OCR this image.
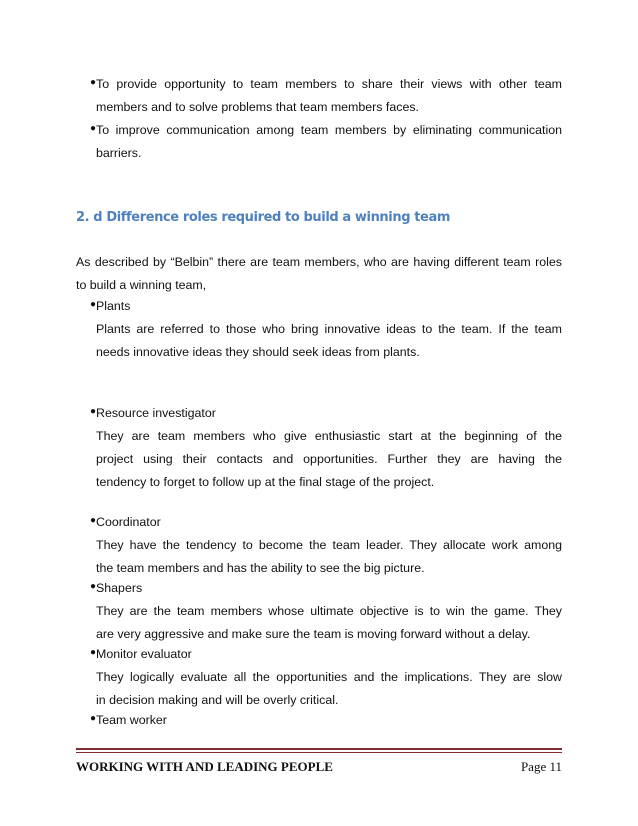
● To provide opportunity to team members to share their views with other team
members and to solve problems that team members faces.
● To improve communication among team members by eliminating communication
barriers.
2. d Difference roles required to build a winning team
As described by “Belbin” there are team members, who are having different team roles
to build a winning team,
● Plants
Plants are referred to those who bring innovative ideas to the team. If the team
needs innovative ideas they should seek ideas from plants.
● Resource investigator
They are team members who give enthusiastic start at the beginning of the
project using their contacts and opportunities. Further they are having the
tendency to forget to follow up at the final stage of the project.
● Coordinator
They have the tendency to become the team leader. They allocate work among
the team members and has the ability to see the big picture.
● Shapers
They are the team members whose ultimate objective is to win the game. They
are very aggressive and make sure the team is moving forward without a delay.
● Monitor evaluator
They logically evaluate all the opportunities and the implications. They are slow
in decision making and will be overly critical.
● Team worker
WORKING WITH AND LEADING PEOPLE	Page 11
